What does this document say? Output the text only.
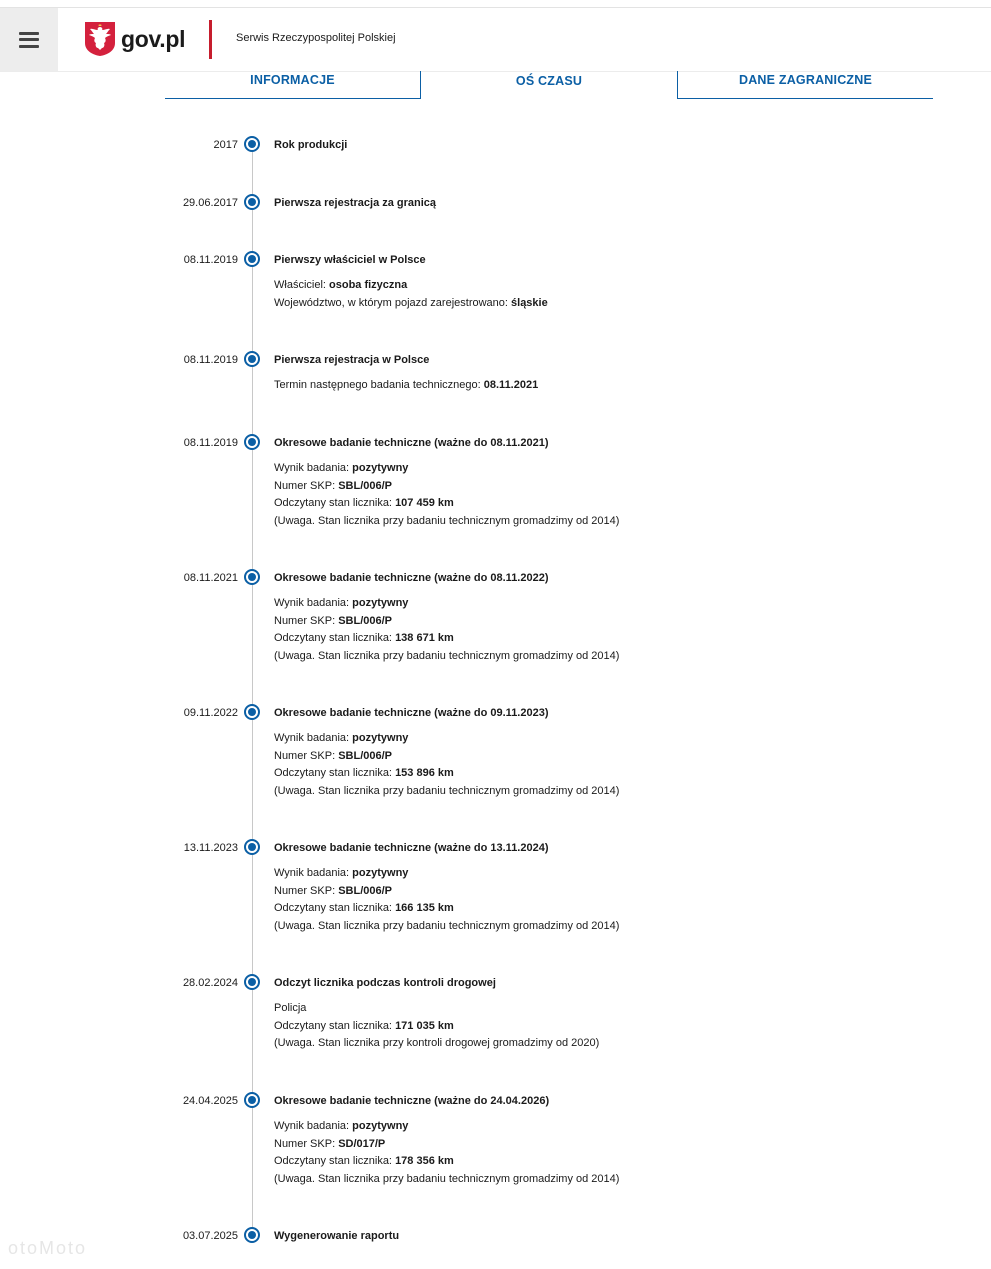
gov.pl	Serwis Rzeczypospolitej Polskiej
INFORMACJE	OŚ CZASU	DANE ZAGRANICZNE
2017	Rok produkcji
29.06.2017	Pierwsza rejestracja za granicą
08.11.2019	Pierwszy właściciel w Polsce
Właściciel: osoba fizyczna
Województwo, w którym pojazd zarejestrowano: śląskie
08.11.2019	Pierwsza rejestracja w Polsce
Termin następnego badania technicznego: 08.11.2021
08.11.2019	Okresowe badanie techniczne (ważne do 08.11.2021)
Wynik badania: pozytywny
Numer SKP: SBL/006/P
Odczytany stan licznika: 107 459 km
(Uwaga. Stan licznika przy badaniu technicznym gromadzimy od 2014)
08.11.2021	Okresowe badanie techniczne (ważne do 08.11.2022)
Wynik badania: pozytywny
Numer SKP: SBL/006/P
Odczytany stan licznika: 138 671 km
(Uwaga. Stan licznika przy badaniu technicznym gromadzimy od 2014)
09.11.2022	Okresowe badanie techniczne (ważne do 09.11.2023)
Wynik badania: pozytywny
Numer SKP: SBL/006/P
Odczytany stan licznika: 153 896 km
(Uwaga. Stan licznika przy badaniu technicznym gromadzimy od 2014)
13.11.2023	Okresowe badanie techniczne (ważne do 13.11.2024)
Wynik badania: pozytywny
Numer SKP: SBL/006/P
Odczytany stan licznika: 166 135 km
(Uwaga. Stan licznika przy badaniu technicznym gromadzimy od 2014)
28.02.2024	Odczyt licznika podczas kontroli drogowej
Policja
Odczytany stan licznika: 171 035 km
(Uwaga. Stan licznika przy kontroli drogowej gromadzimy od 2020)
24.04.2025	Okresowe badanie techniczne (ważne do 24.04.2026)
Wynik badania: pozytywny
Numer SKP: SD/017/P
Odczytany stan licznika: 178 356 km
(Uwaga. Stan licznika przy badaniu technicznym gromadzimy od 2014)
03.07.2025	Wygenerowanie raportu
otoMoto
